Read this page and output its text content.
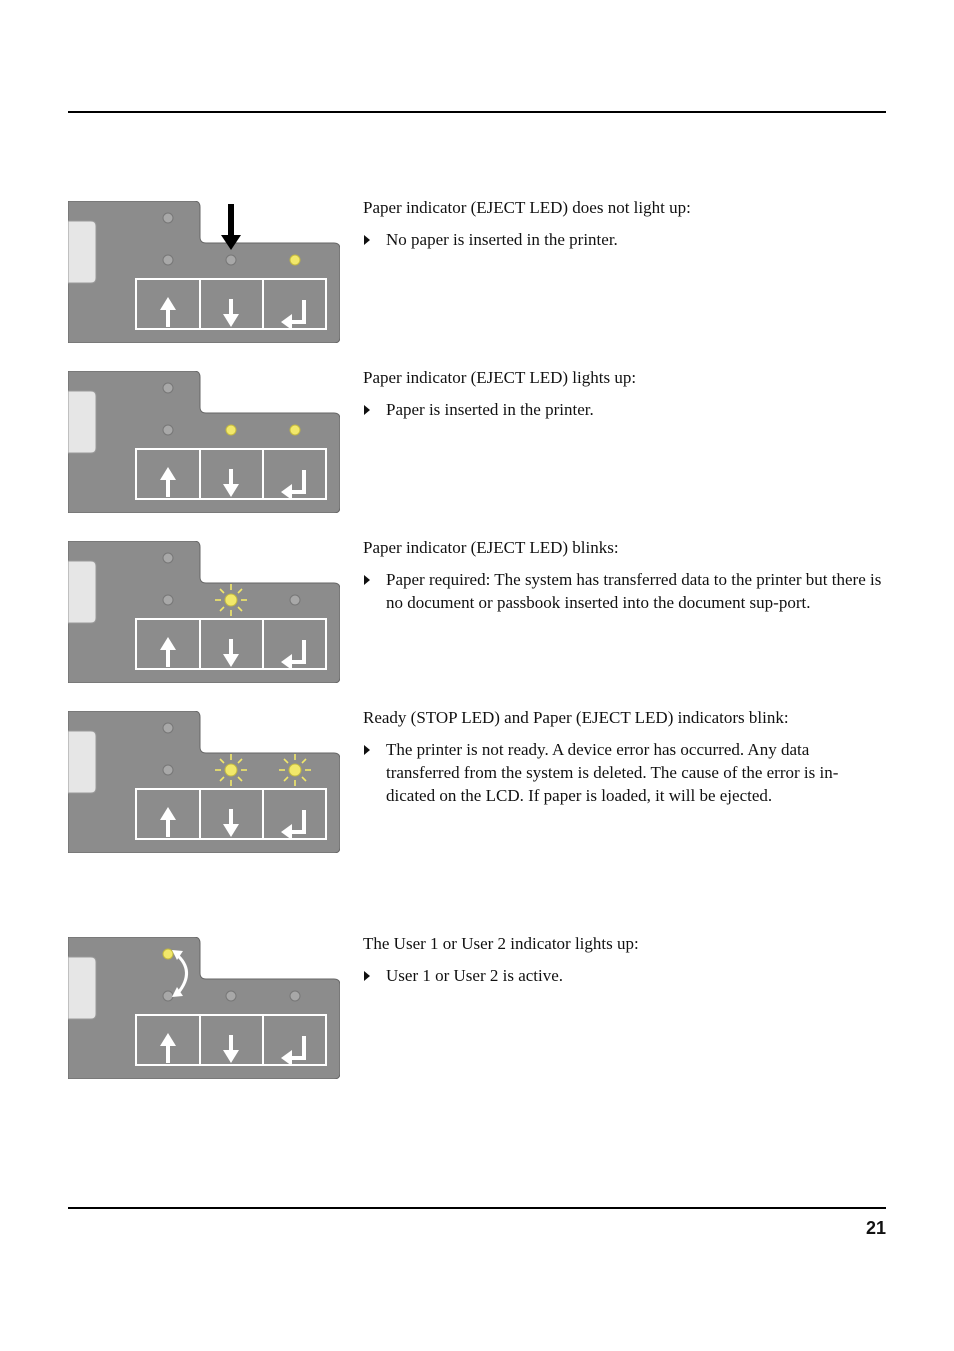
Paper indicator (EJECT LED) does not light up:

No paper is inserted in the printer.

Paper indicator (EJECT LED) lights up:

Paper is inserted in the printer.

Paper indicator (EJECT LED) blinks:

Paper required: The system has transferred data to the printer but there is no document or passbook inserted into the document sup-port.

Ready (STOP LED) and Paper (EJECT LED) indicators blink:

The printer is not ready. A device error has occurred. Any data transferred from the system is deleted. The cause of the error is in-dicated on the LCD. If paper is loaded, it will be ejected.

The User 1 or User 2 indicator lights up:

User 1 or User 2 is active.

21
